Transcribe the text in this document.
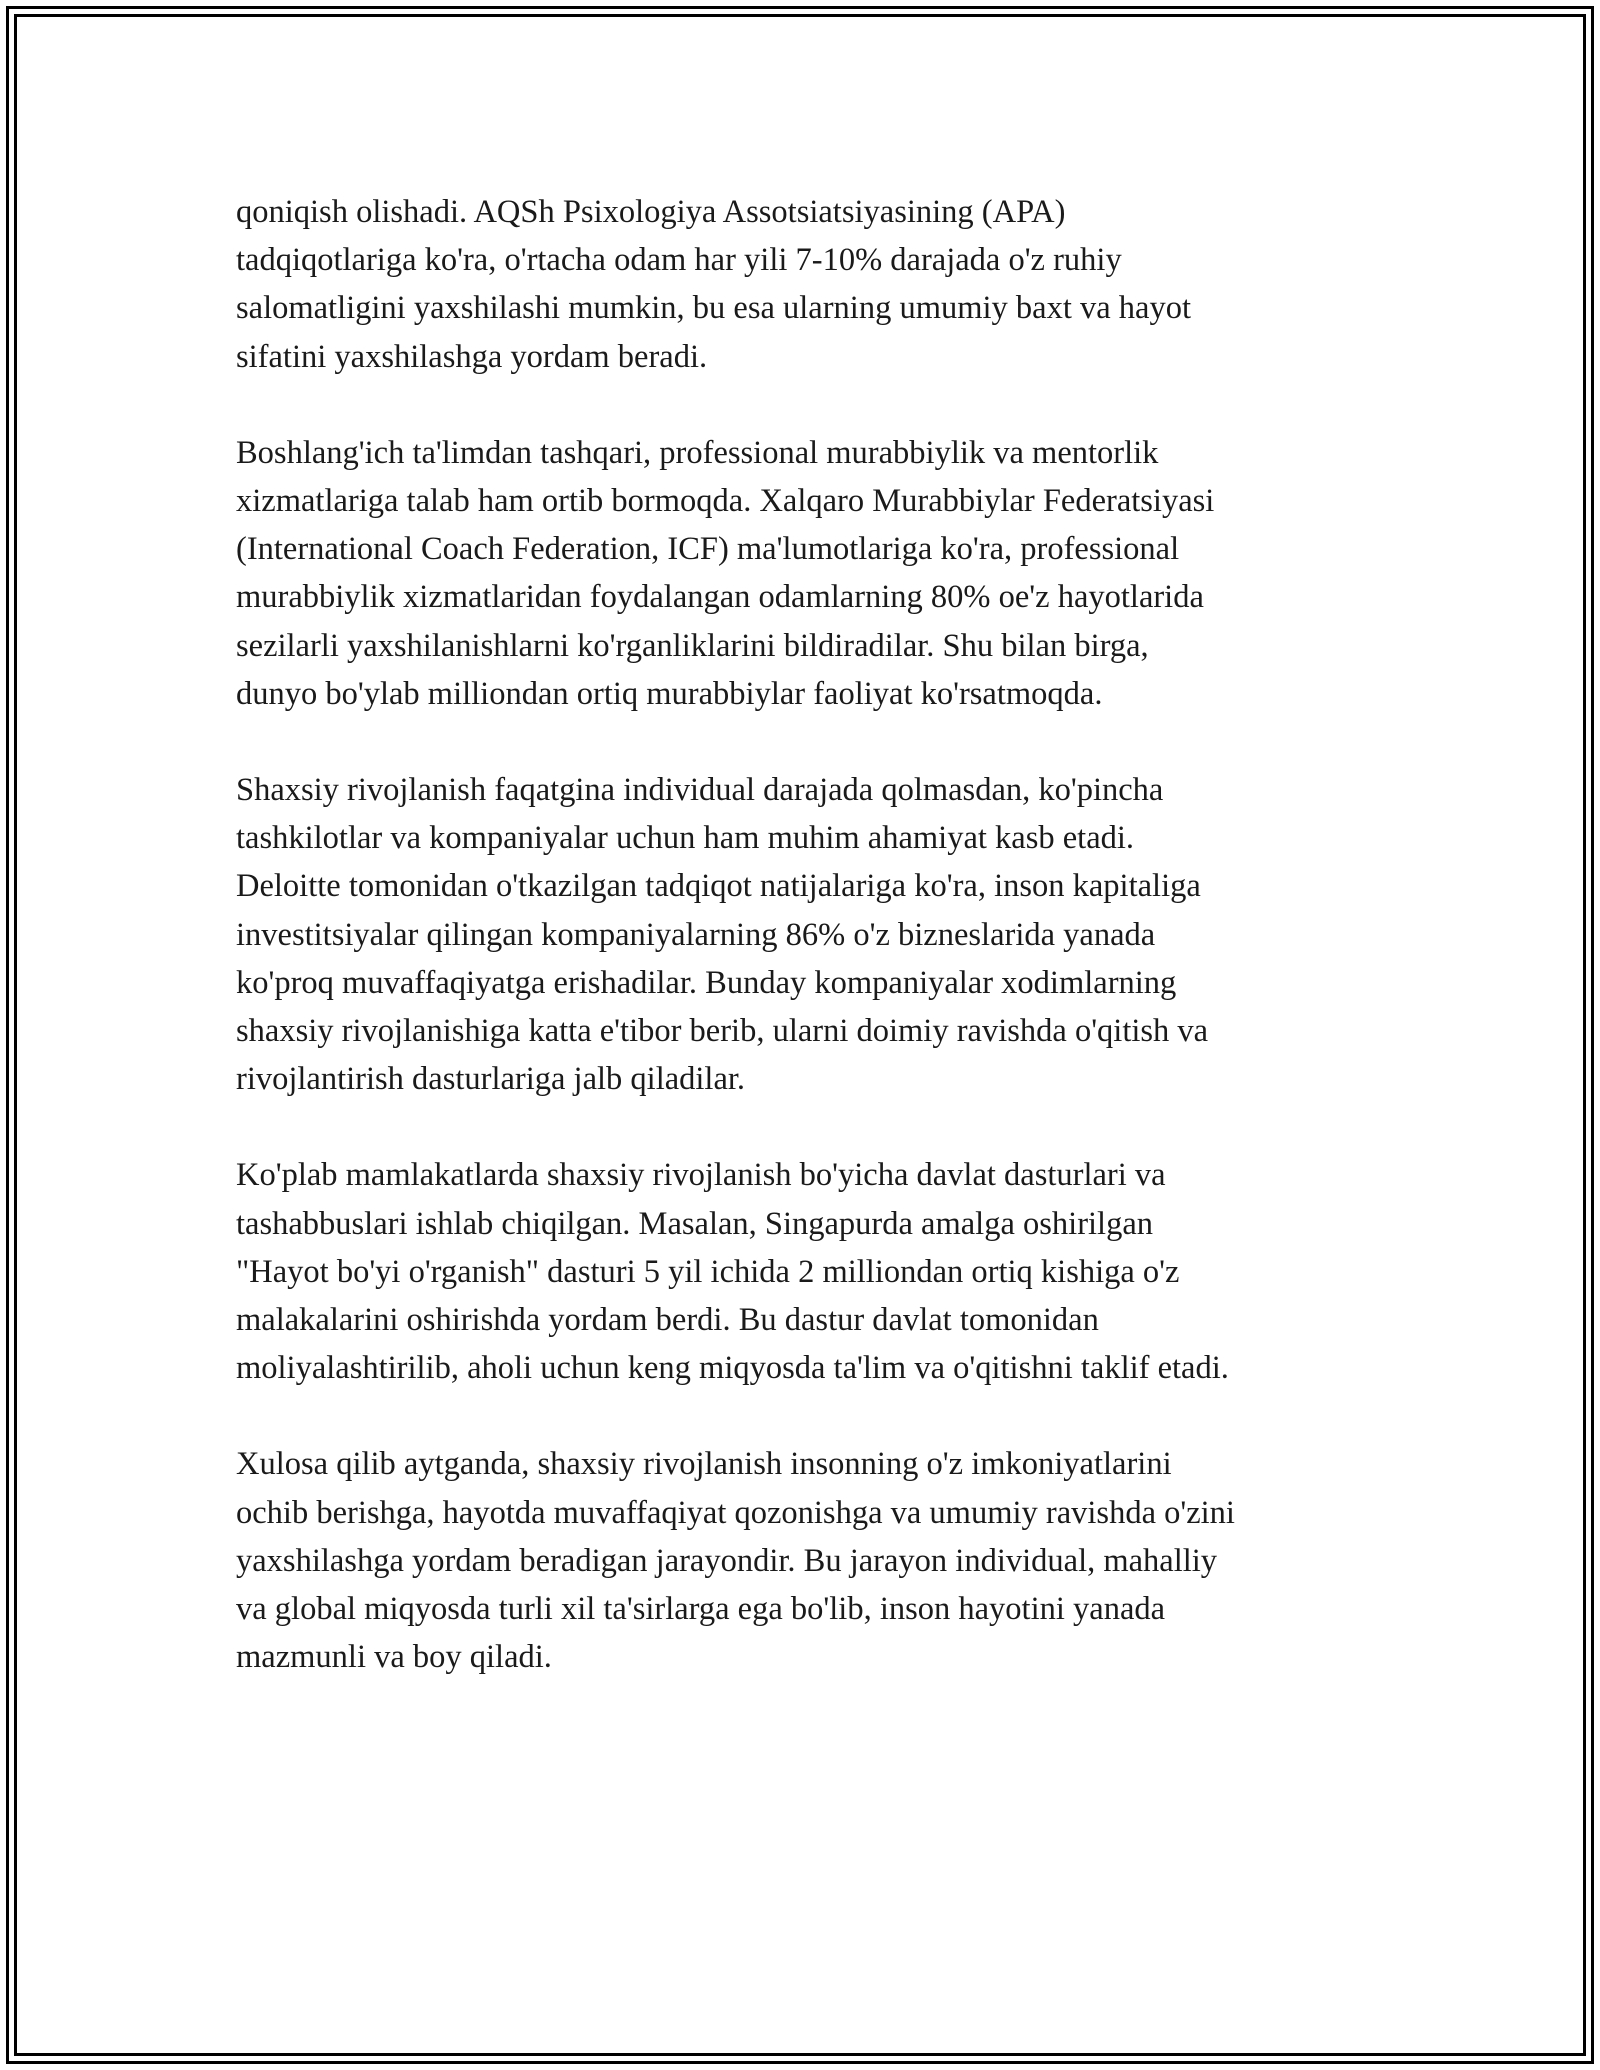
qoniqish olishadi. AQSh Psixologiya Assotsiatsiyasining (APA)
tadqiqotlariga ko'ra, o'rtacha odam har yili 7-10% darajada o'z ruhiy
salomatligini yaxshilashi mumkin, bu esa ularning umumiy baxt va hayot
sifatini yaxshilashga yordam beradi.

Boshlang'ich ta'limdan tashqari, professional murabbiylik va mentorlik
xizmatlariga talab ham ortib bormoqda. Xalqaro Murabbiylar Federatsiyasi
(International Coach Federation, ICF) ma'lumotlariga ko'ra, professional
murabbiylik xizmatlaridan foydalangan odamlarning 80% oe'z hayotlarida
sezilarli yaxshilanishlarni ko'rganliklarini bildiradilar. Shu bilan birga,
dunyo bo'ylab milliondan ortiq murabbiylar faoliyat ko'rsatmoqda.

Shaxsiy rivojlanish faqatgina individual darajada qolmasdan, ko'pincha
tashkilotlar va kompaniyalar uchun ham muhim ahamiyat kasb etadi.
Deloitte tomonidan o'tkazilgan tadqiqot natijalariga ko'ra, inson kapitaliga
investitsiyalar qilingan kompaniyalarning 86% o'z bizneslarida yanada
ko'proq muvaffaqiyatga erishadilar. Bunday kompaniyalar xodimlarning
shaxsiy rivojlanishiga katta e'tibor berib, ularni doimiy ravishda o'qitish va
rivojlantirish dasturlariga jalb qiladilar.

Ko'plab mamlakatlarda shaxsiy rivojlanish bo'yicha davlat dasturlari va
tashabbuslari ishlab chiqilgan. Masalan, Singapurda amalga oshirilgan
"Hayot bo'yi o'rganish" dasturi 5 yil ichida 2 milliondan ortiq kishiga o'z
malakalarini oshirishda yordam berdi. Bu dastur davlat tomonidan
moliyalashtirilib, aholi uchun keng miqyosda ta'lim va o'qitishni taklif etadi.

Xulosa qilib aytganda, shaxsiy rivojlanish insonning o'z imkoniyatlarini
ochib berishga, hayotda muvaffaqiyat qozonishga va umumiy ravishda o'zini
yaxshilashga yordam beradigan jarayondir. Bu jarayon individual, mahalliy
va global miqyosda turli xil ta'sirlarga ega bo'lib, inson hayotini yanada
mazmunli va boy qiladi.
